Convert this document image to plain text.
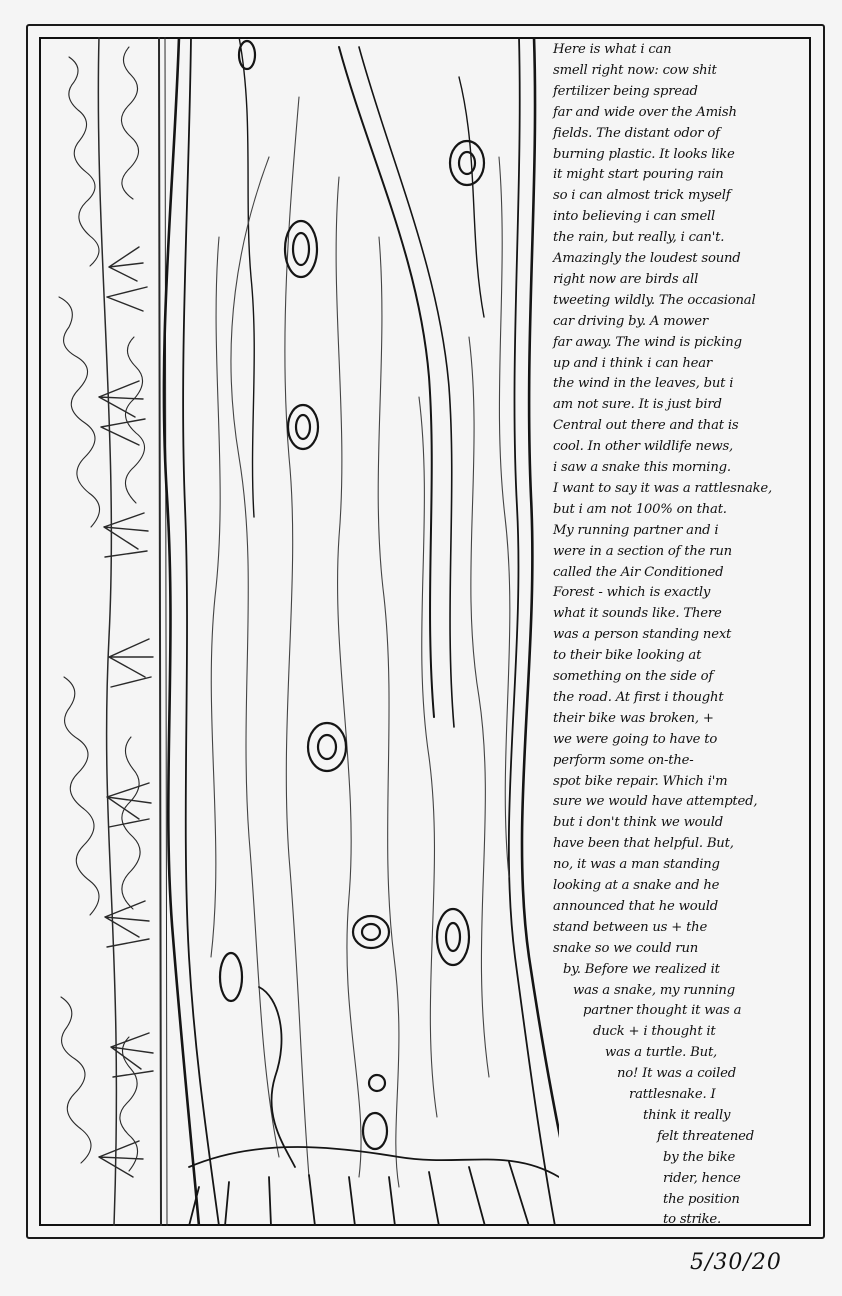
Here is what i can
smell right now: cow shit
fertilizer being spread
far and wide over the Amish
fields. The distant odor of
burning plastic. It looks like
it might start pouring rain
so i can almost trick myself
into believing i can smell
the rain, but really, i can't.
Amazingly the loudest sound
right now are birds all
tweeting wildly. The occasional
car driving by. A mower
far away. The wind is picking
up and i think i can hear
the wind in the leaves, but i
am not sure. It is just bird
Central out there and that is
cool. In other wildlife news,
i saw a snake this morning.
I want to say it was a rattlesnake,
but i am not 100% on that.
My running partner and i
were in a section of the run
called the Air Conditioned
Forest - which is exactly
what it sounds like. There
was a person standing next
to their bike looking at
something on the side of
the road. At first i thought
their bike was broken, +
we were going to have to
perform some on-the-
spot bike repair. Which i'm
sure we would have attempted,
but i don't think we would
have been that helpful. But,
no, it was a man standing
looking at a snake and he
announced that he would
stand between us + the
snake so we could run
by. Before we realized it
was a snake, my running
partner thought it was a
duck + i thought it
was a turtle. But,
no! It was a coiled
rattlesnake. I
think it really
felt threatened
by the bike
rider, hence
the position
to strike.
5/30/20
